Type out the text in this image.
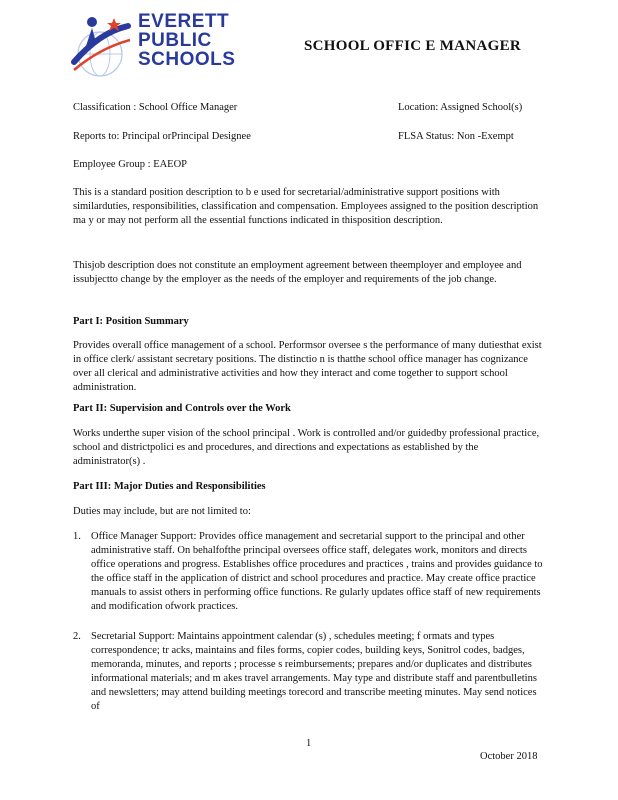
EVERETT
PUBLIC
SCHOOLS
SCHOOL OFFIC E MANAGER
Classification : School Office Manager	Location: Assigned School(s)
Reports to: Principal orPrincipal Designee	FLSA Status: Non -Exempt
Employee Group : EAEOP
This is a standard position description to b e used for secretarial/administrative support positions with similarduties, responsibilities, classification and compensation. Employees assigned to the position description ma y or may not perform all the essential functions indicated in thisposition description.
Thisjob description does not constitute an employment agreement between theemployer and employee and issubjectto change by the employer as the needs of the employer and requirements of the job change.
Part I: Position Summary
Provides overall office management of a school. Performsor oversee s the performance of many dutiesthat exist in office clerk/ assistant secretary positions. The distinctio n is thatthe school office manager has cognizance over all clerical and administrative activities and how they interact and come together to support school administration.
Part II: Supervision and Controls over the Work
Works underthe super vision of the school principal . Work is controlled and/or guidedby professional practice, school and districtpolici es and procedures, and directions and expectations as established by the administrator(s) .
Part III: Major Duties and Responsibilities
Duties may include, but are not limited to:
1. Office Manager Support: Provides office management and secretarial support to the principal and other administrative staff. On behalfofthe principal oversees office staff, delegates work, monitors and directs office operations and progress. Establishes office procedures and practices , trains and provides guidance to the office staff in the application of district and school procedures and practice. May create office practice manuals to assist others in performing office functions. Re gularly updates office staff of new requirements and modification ofwork practices.
2. Secretarial Support: Maintains appointment calendar (s) , schedules meeting; f ormats and types correspondence; tr acks, maintains and files forms, copier codes, building keys, Sonitrol codes, badges, memoranda, minutes, and reports ; processe s reimbursements; prepares and/or duplicates and distributes informational materials; and m akes travel arrangements. May type and distribute staff and parentbulletins and newsletters; may attend building meetings torecord and transcribe meeting minutes. May send notices of
1
October 2018
